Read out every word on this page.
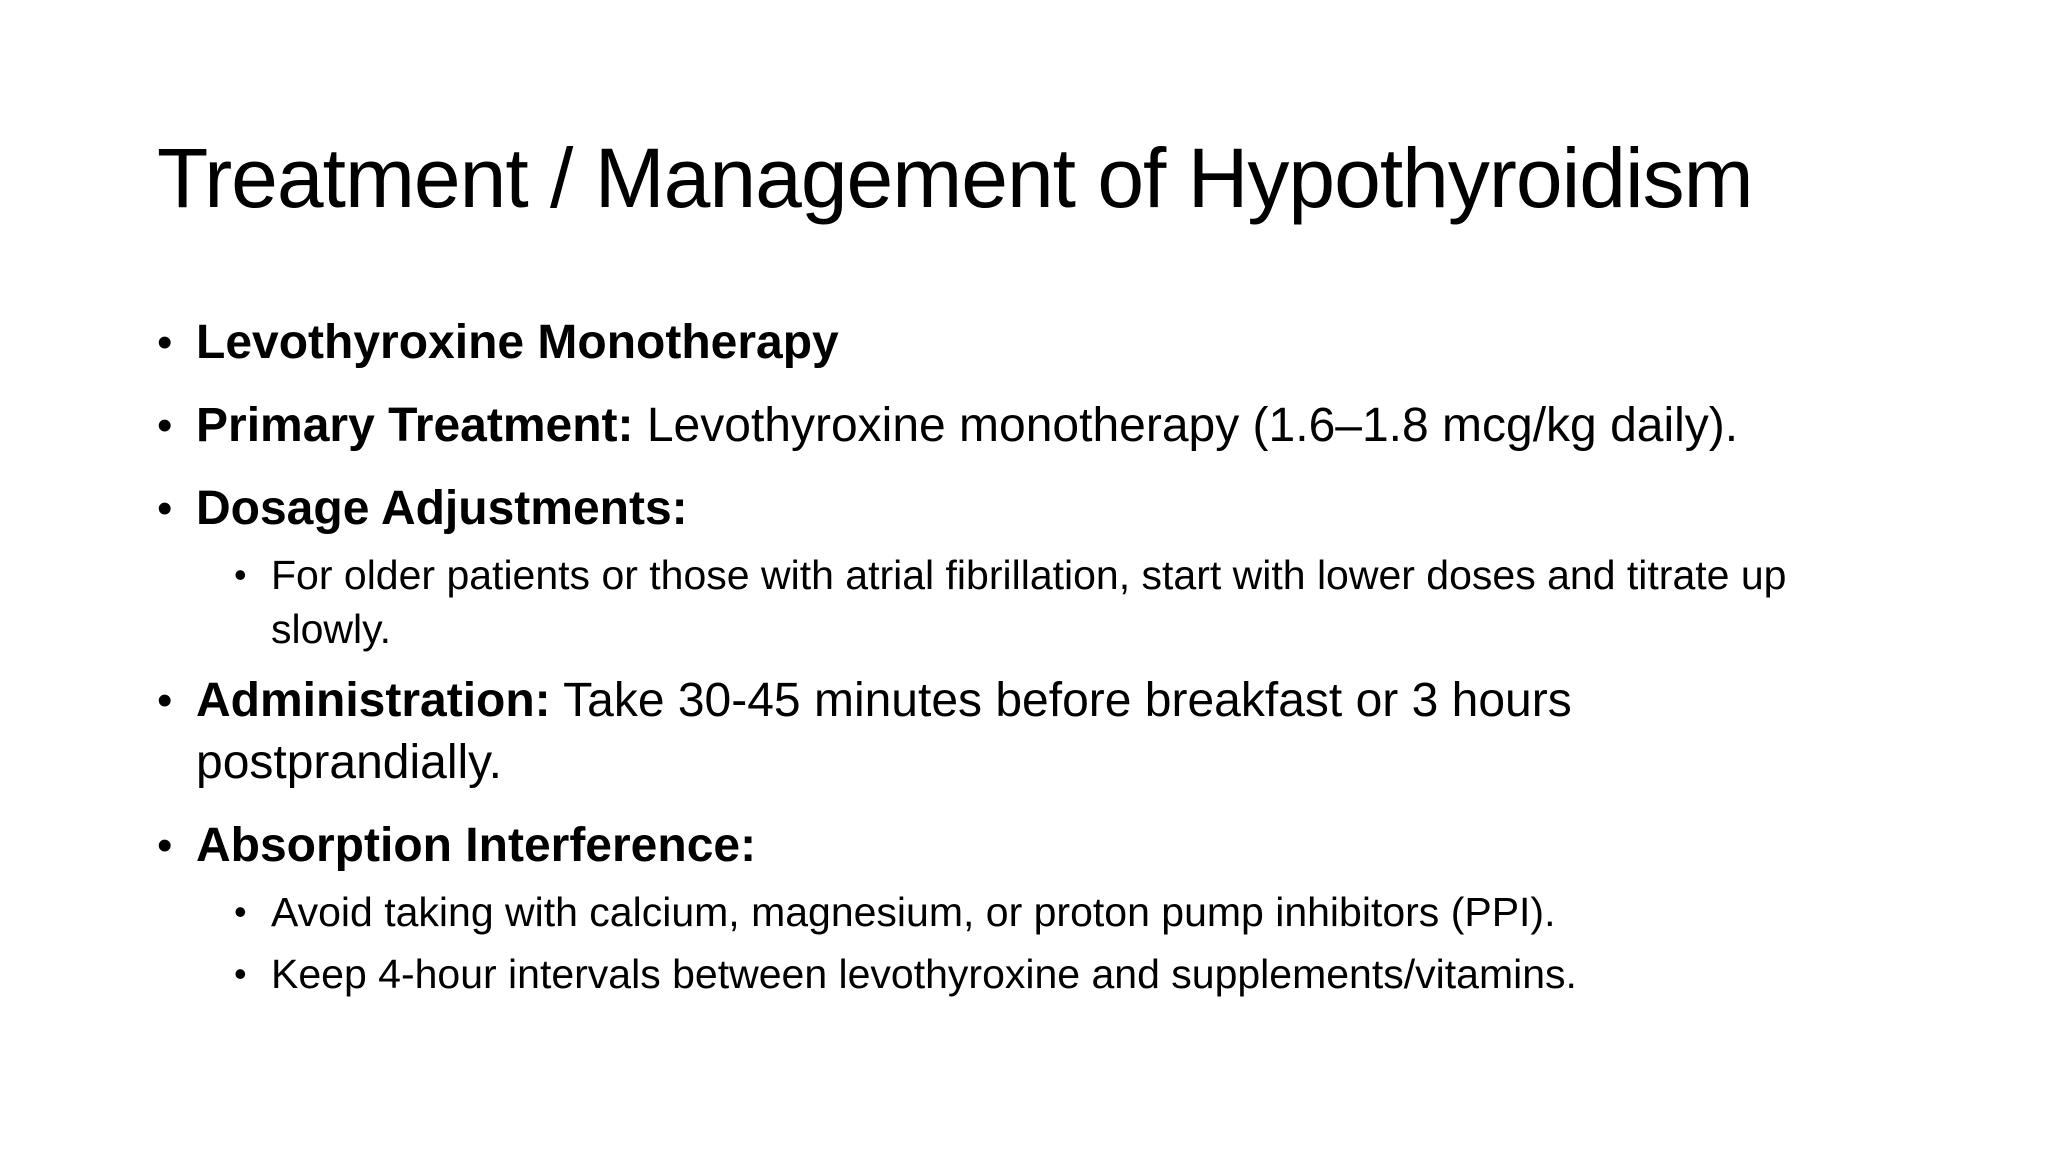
Treatment / Management of Hypothyroidism
• Levothyroxine Monotherapy
• Primary Treatment: Levothyroxine monotherapy (1.6–1.8 mcg/kg daily).
• Dosage Adjustments:
• For older patients or those with atrial fibrillation, start with lower doses and titrate up slowly.
• Administration: Take 30-45 minutes before breakfast or 3 hours postprandially.
• Absorption Interference:
• Avoid taking with calcium, magnesium, or proton pump inhibitors (PPI).
• Keep 4-hour intervals between levothyroxine and supplements/vitamins.
